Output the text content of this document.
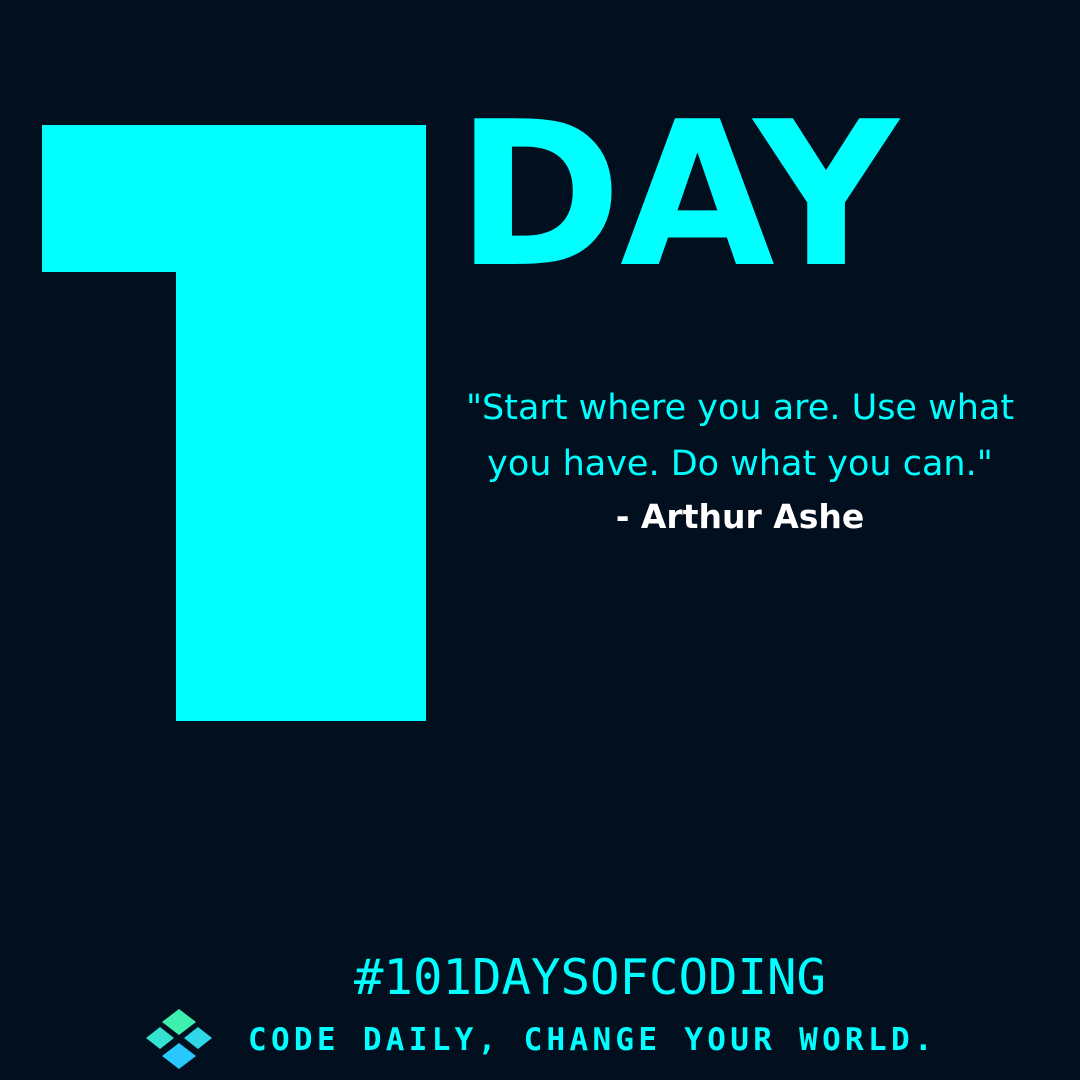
DAY

"Start where you are. Use what you have. Do what you can."

- Arthur Ashe

#101DAYSOFCODING
CODE DAILY, CHANGE YOUR WORLD.
